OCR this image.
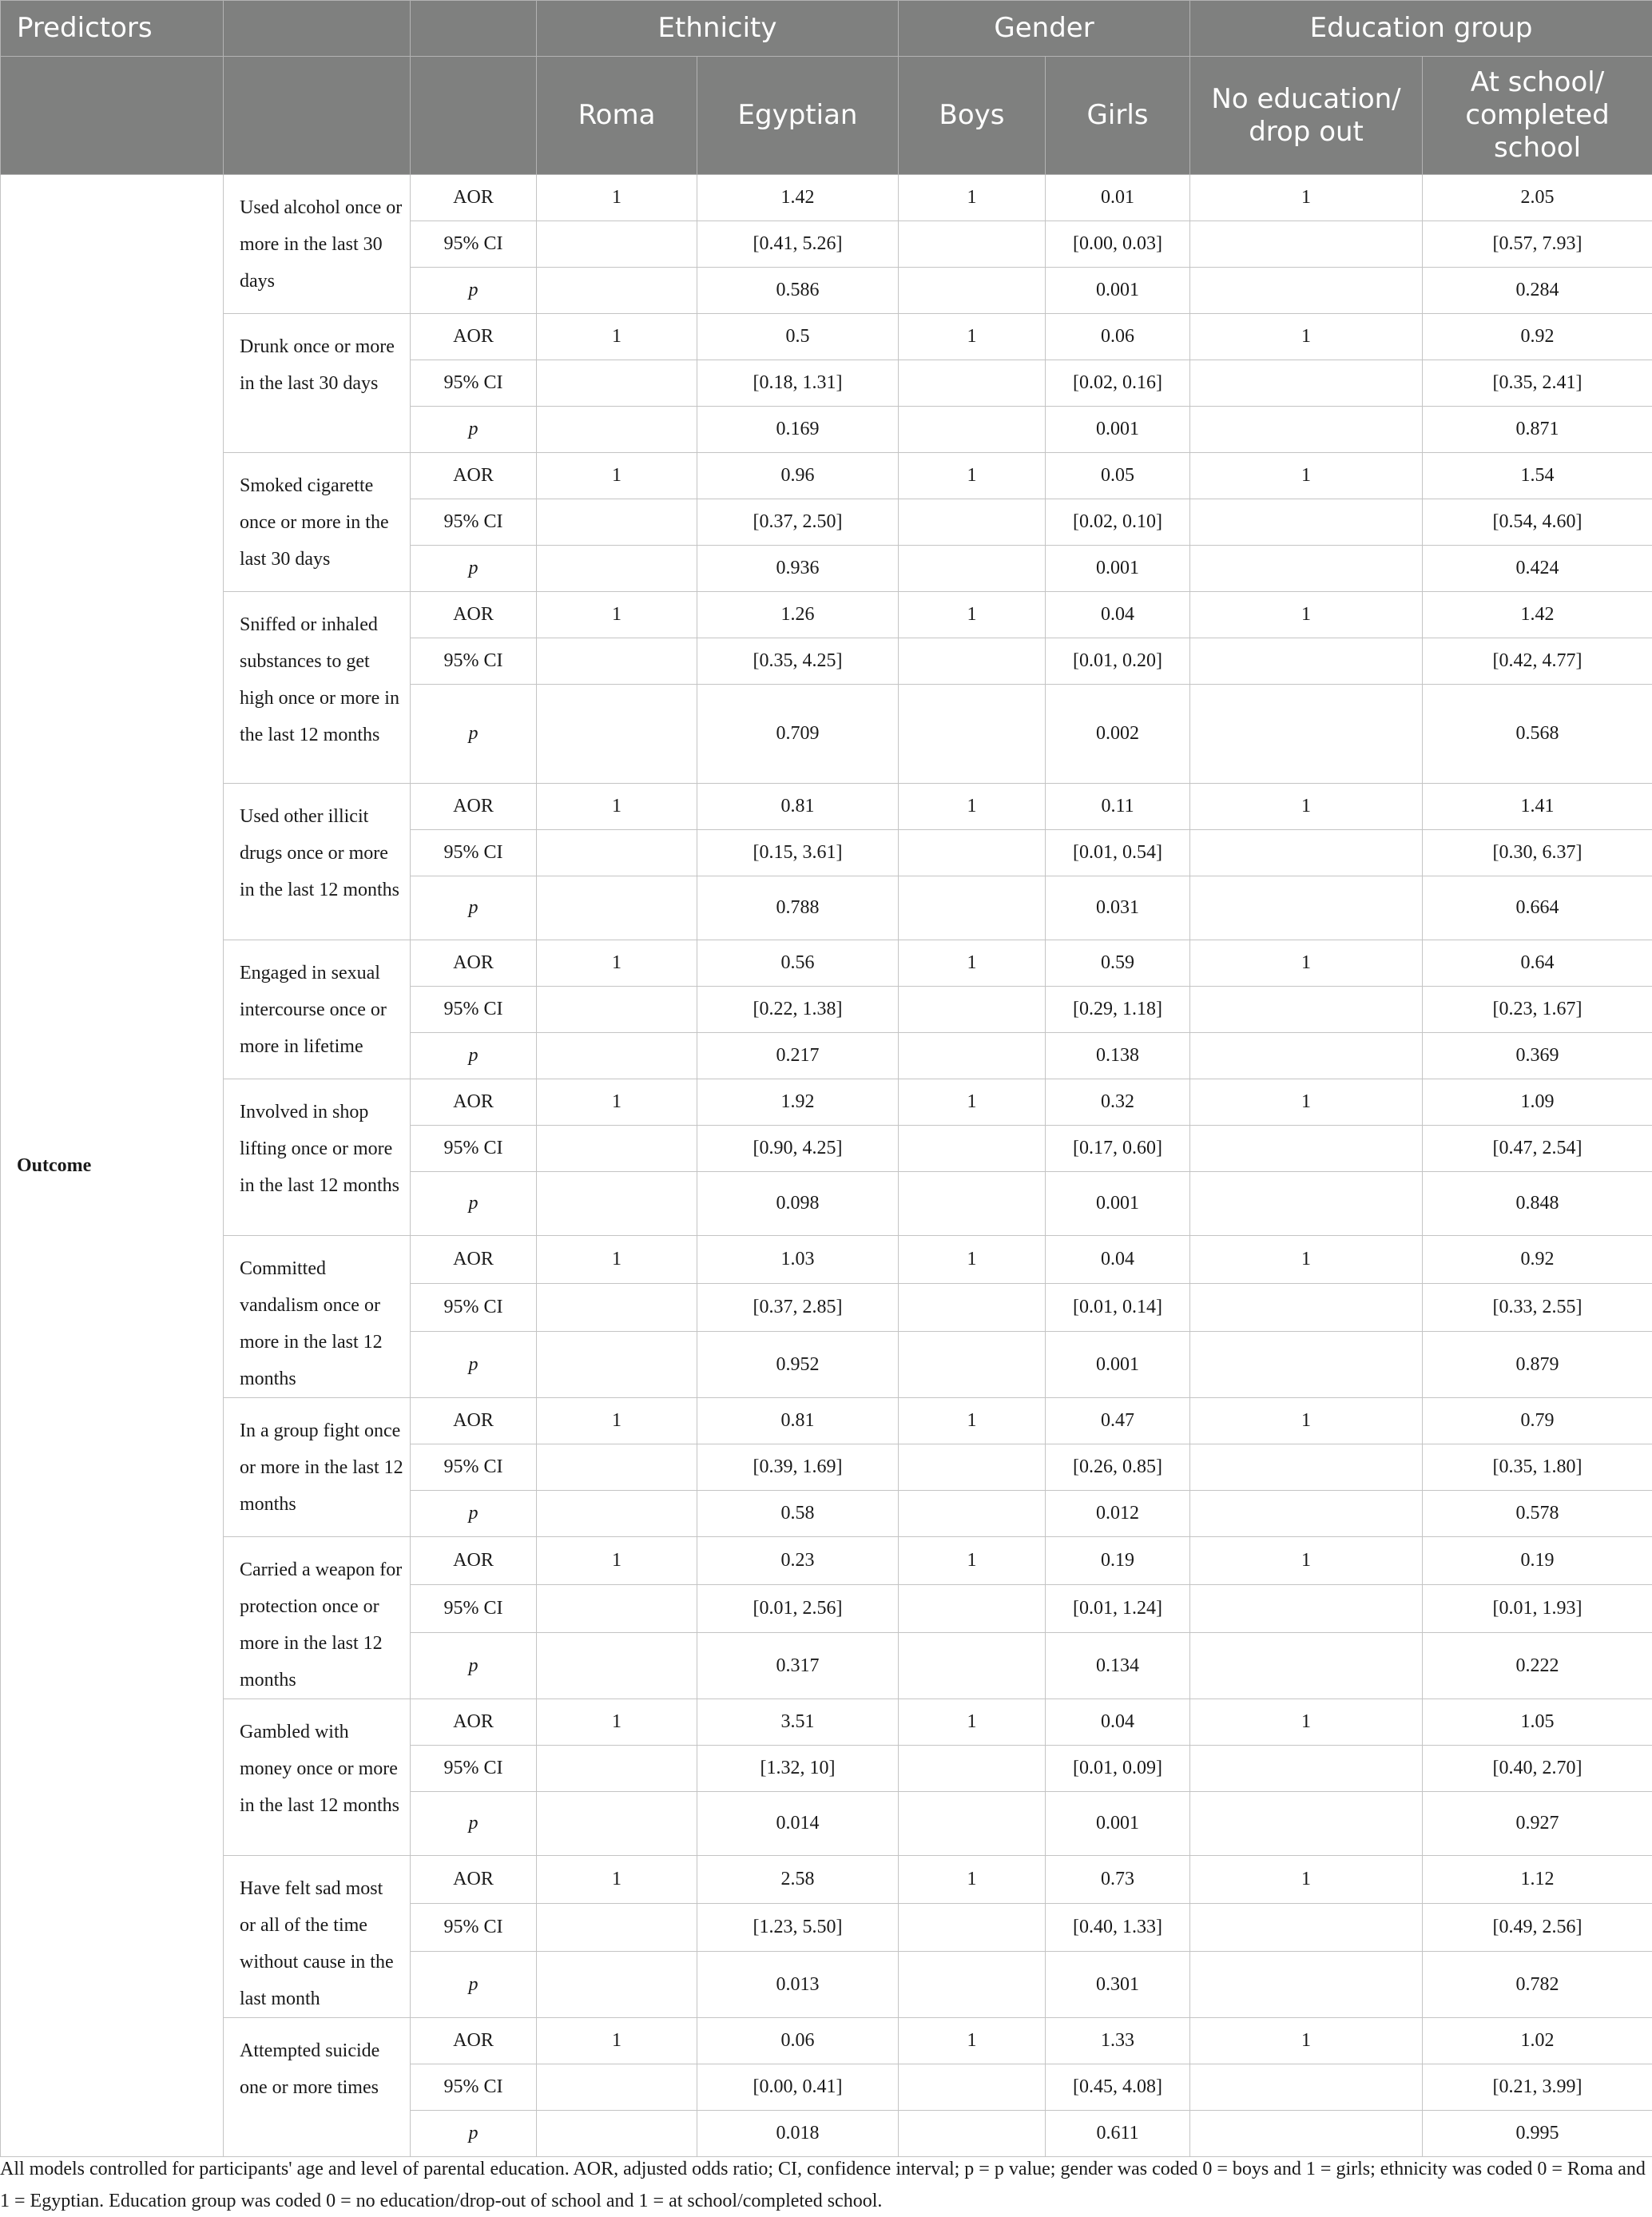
Predictors			Ethnicity		Gender		Education group	
			Roma	Egyptian	Boys	Girls	No education/ drop out	At school/ completed school
Outcome	Used alcohol once or more in the last 30 days	AOR	1	1.42	1	0.01	1	2.05
		95% CI		[0.41, 5.26]		[0.00, 0.03]		[0.57, 7.93]
		p		0.586		0.001		0.284
	Drunk once or more in the last 30 days	AOR	1	0.5	1	0.06	1	0.92
		95% CI		[0.18, 1.31]		[0.02, 0.16]		[0.35, 2.41]
		p		0.169		0.001		0.871
	Smoked cigarette once or more in the last 30 days	AOR	1	0.96	1	0.05	1	1.54
		95% CI		[0.37, 2.50]		[0.02, 0.10]		[0.54, 4.60]
		p		0.936		0.001		0.424
	Sniffed or inhaled substances to get high once or more in the last 12 months	AOR	1	1.26	1	0.04	1	1.42
		95% CI		[0.35, 4.25]		[0.01, 0.20]		[0.42, 4.77]
		p		0.709		0.002		0.568
	Used other illicit drugs once or more in the last 12 months	AOR	1	0.81	1	0.11	1	1.41
		95% CI		[0.15, 3.61]		[0.01, 0.54]		[0.30, 6.37]
		p		0.788		0.031		0.664
	Engaged in sexual intercourse once or more in lifetime	AOR	1	0.56	1	0.59	1	0.64
		95% CI		[0.22, 1.38]		[0.29, 1.18]		[0.23, 1.67]
		p		0.217		0.138		0.369
	Involved in shop lifting once or more in the last 12 months	AOR	1	1.92	1	0.32	1	1.09
		95% CI		[0.90, 4.25]		[0.17, 0.60]		[0.47, 2.54]
		p		0.098		0.001		0.848
	Committed vandalism once or more in the last 12 months	AOR	1	1.03	1	0.04	1	0.92
		95% CI		[0.37, 2.85]		[0.01, 0.14]		[0.33, 2.55]
		p		0.952		0.001		0.879
	In a group fight once or more in the last 12 months	AOR	1	0.81	1	0.47	1	0.79
		95% CI		[0.39, 1.69]		[0.26, 0.85]		[0.35, 1.80]
		p		0.58		0.012		0.578
	Carried a weapon for protection once or more in the last 12 months	AOR	1	0.23	1	0.19	1	0.19
		95% CI		[0.01, 2.56]		[0.01, 1.24]		[0.01, 1.93]
		p		0.317		0.134		0.222
	Gambled with money once or more in the last 12 months	AOR	1	3.51	1	0.04	1	1.05
		95% CI		[1.32, 10]		[0.01, 0.09]		[0.40, 2.70]
		p		0.014		0.001		0.927
	Have felt sad most or all of the time without cause in the last month	AOR	1	2.58	1	0.73	1	1.12
		95% CI		[1.23, 5.50]		[0.40, 1.33]		[0.49, 2.56]
		p		0.013		0.301		0.782
	Attempted suicide one or more times	AOR	1	0.06	1	1.33	1	1.02
		95% CI		[0.00, 0.41]		[0.45, 4.08]		[0.21, 3.99]
		p		0.018		0.611		0.995
All models controlled for participants' age and level of parental education. AOR, adjusted odds ratio; CI, confidence interval; p = p value; gender was coded 0 = boys and 1 = girls; ethnicity was coded 0 = Roma and 1 = Egyptian. Education group was coded 0 = no education/drop-out of school and 1 = at school/completed school.
